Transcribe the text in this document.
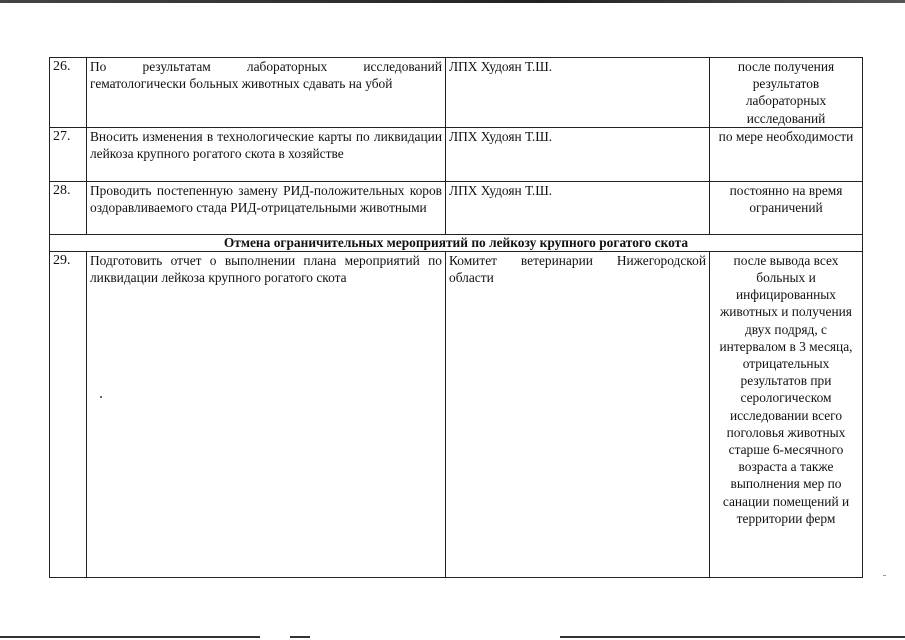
26.	По результатам лабораторных исследований гематологически больных животных сдавать на убой	ЛПХ Худоян Т.Ш.	после получения результатов лабораторных исследований
27.	Вносить изменения в технологические карты по ликвидации лейкоза крупного рогатого скота в хозяйстве	ЛПХ Худоян Т.Ш.	по мере необходимости
28.	Проводить постепенную замену РИД-положительных коров оздоравливаемого стада РИД-отрицательными животными	ЛПХ Худоян Т.Ш.	постоянно на время ограничений
Отмена ограничительных мероприятий по лейкозу крупного рогатого скота			
29.	Подготовить отчет о выполнении плана мероприятий по ликвидации лейкоза крупного рогатого скота	Комитет ветеринарии Нижегородской области	после вывода всех больных и инфицированных животных и получения двух подряд, с интервалом в 3 месяца, отрицательных результатов при серологическом исследовании всего поголовья животных старше 6-месячного возраста а также выполнения мер по санации помещений и территории ферм
